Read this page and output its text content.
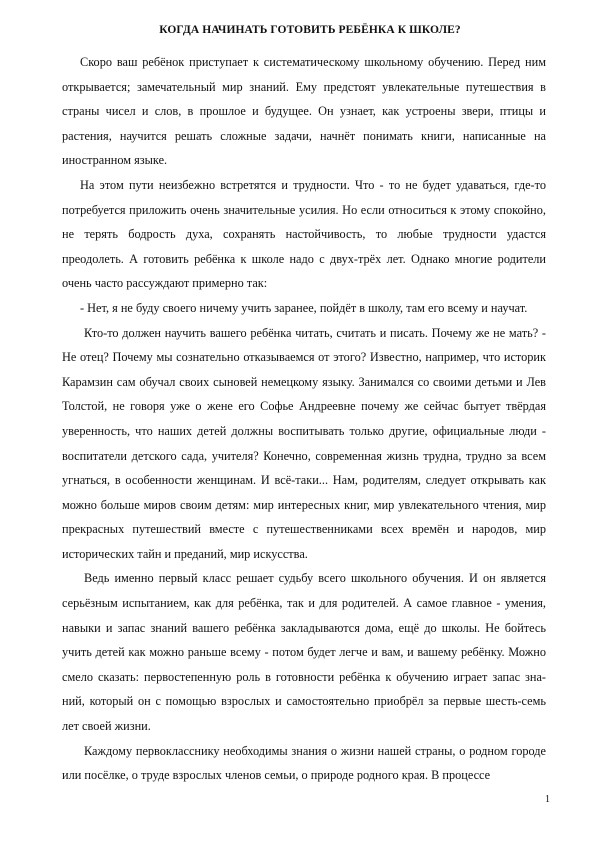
КОГДА НАЧИНАТЬ ГОТОВИТЬ РЕБЁНКА К ШКОЛЕ?

Скоро ваш ребёнок приступает к систематическому школьному обучению. Перед ним открывается; замечательный мир знаний. Ему предстоят увлекательные путешествия в страны чисел и слов, в прошлое и будущее. Он узнает, как устроены звери, птицы и растения, научится решать сложные задачи, начнёт понимать книги, написанные на иностранном языке.

На этом пути неизбежно встретятся и трудности. Что - то не будет удаваться, где-то потребуется приложить очень значительные усилия. Но если относиться к этому спокойно, не терять бодрость духа, сохранять настойчивость, то любые трудности удастся преодолеть. А готовить ребёнка к школе надо с двух-трёх лет. Однако многие родители очень часто рассуждают примерно так:

- Нет, я не буду своего ничему учить заранее, пойдёт в школу, там его всему и научат.

Кто-то должен научить вашего ребёнка читать, считать и писать. Почему же не мать? - Не отец? Почему мы сознательно отказываемся от этого? Известно, например, что историк Карамзин сам обучал своих сыновей немецкому языку. Занимался со своими детьми и Лев Толстой, не говоря уже о жене его Софье Андреевне почему же сейчас бытует твёрдая уверенность, что наших детей должны воспитывать только другие, официальные люди - воспитатели детского сада, учителя? Конечно, современная жизнь трудна, трудно за всем угнаться, в особенности женщинам. И всё-таки... Нам, родителям, следует открывать как можно больше миров своим детям: мир интересных книг, мир увлекательного чтения, мир прекрасных путешествий вместе с путешественниками всех времён и народов, мир исторических тайн и преданий, мир искусства.

Ведь именно первый класс решает судьбу всего школьного обучения. И он является серьёзным испытанием, как для ребёнка, так и для родителей. А самое главное - умения, навыки и запас знаний вашего ребёнка закладываются дома, ещё до школы. Не бойтесь учить детей как можно раньше всему - потом будет легче и вам, и вашему ребёнку. Можно смело сказать: первостепенную роль в готовности ребёнка к обучению играет запас зна-ний, который он с помощью взрослых и самостоятельно приобрёл за первые шесть-семь лет своей жизни.

Каждому первокласснику необходимы знания о жизни нашей страны, о родном городе или посёлке, о труде взрослых членов семьи, о природе родного края. В процессе

1
